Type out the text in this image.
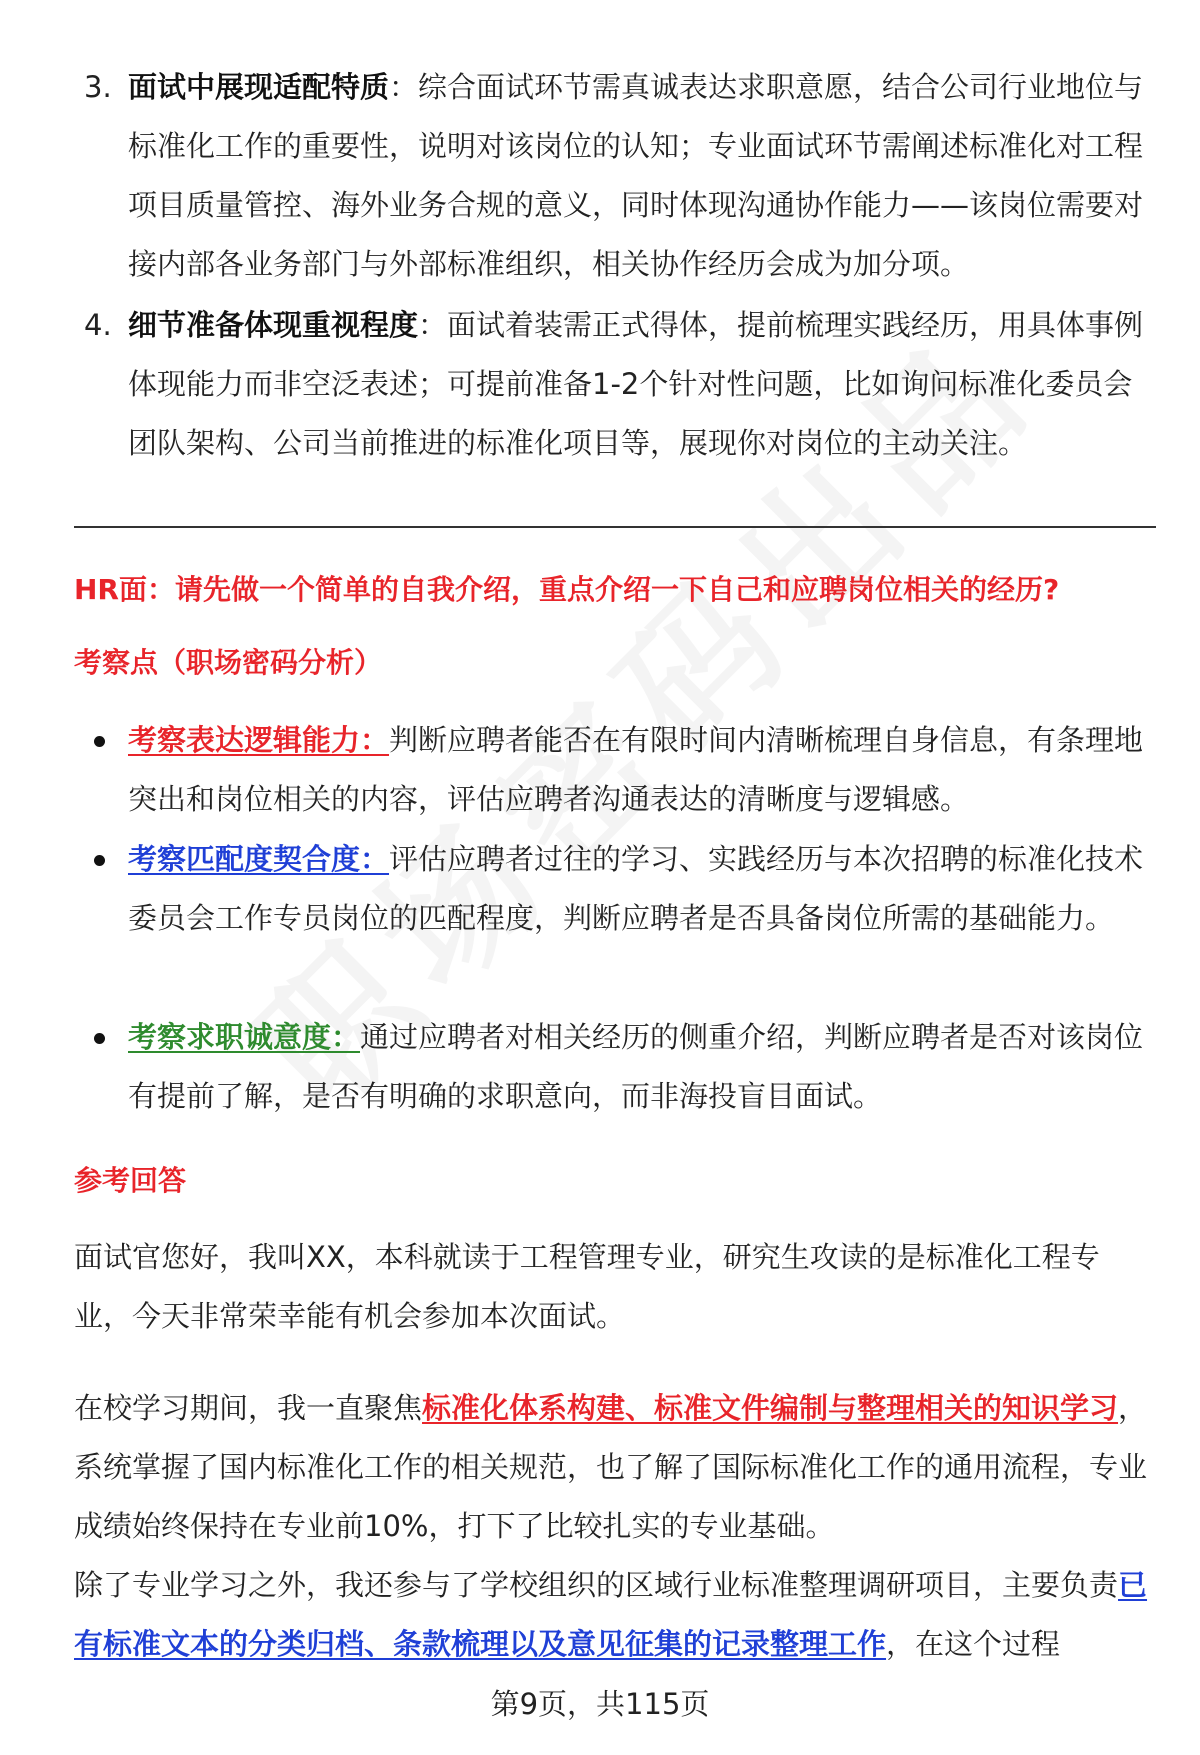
3. 面试中展现适配特质：综合面试环节需真诚表达求职意愿，结合公司行业地位与标准化工作的重要性，说明对该岗位的认知；专业面试环节需阐述标准化对工程项目质量管控、海外业务合规的意义，同时体现沟通协作能力——该岗位需要对接内部各业务部门与外部标准组织，相关协作经历会成为加分项。
4. 细节准备体现重视程度：面试着装需正式得体，提前梳理实践经历，用具体事例体现能力而非空泛表述；可提前准备1-2个针对性问题，比如询问标准化委员会团队架构、公司当前推进的标准化项目等，展现你对岗位的主动关注。
HR面：请先做一个简单的自我介绍，重点介绍一下自己和应聘岗位相关的经历?
考察点（职场密码分析）
考察表达逻辑能力：判断应聘者能否在有限时间内清晰梳理自身信息，有条理地突出和岗位相关的内容，评估应聘者沟通表达的清晰度与逻辑感。
考察匹配度契合度：评估应聘者过往的学习、实践经历与本次招聘的标准化技术委员会工作专员岗位的匹配程度，判断应聘者是否具备岗位所需的基础能力。
考察求职诚意度：通过应聘者对相关经历的侧重介绍，判断应聘者是否对该岗位有提前了解，是否有明确的求职意向，而非海投盲目面试。
参考回答
面试官您好，我叫XX，本科就读于工程管理专业，研究生攻读的是标准化工程专业，今天非常荣幸能有机会参加本次面试。
在校学习期间，我一直聚焦标准化体系构建、标准文件编制与整理相关的知识学习，系统掌握了国内标准化工作的相关规范，也了解了国际标准化工作的通用流程，专业成绩始终保持在专业前10%，打下了比较扎实的专业基础。
除了专业学习之外，我还参与了学校组织的区域行业标准整理调研项目，主要负责已有标准文本的分类归档、条款梳理以及意见征集的记录整理工作，在这个过程
第9页，共115页
